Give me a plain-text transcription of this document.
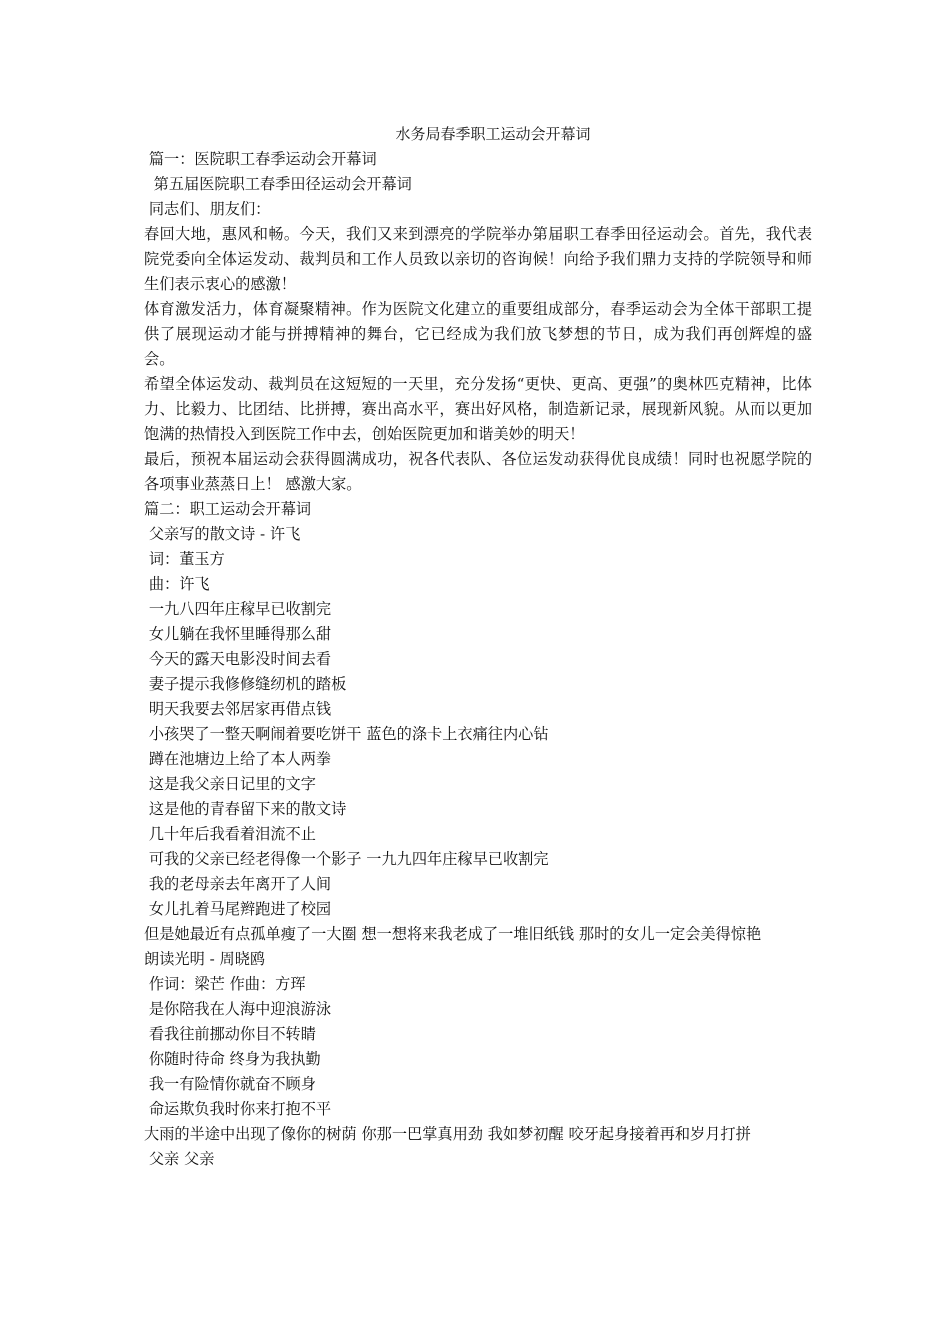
水务局春季职工运动会开幕词

篇一：医院职工春季运动会开幕词

第五届医院职工春季田径运动会开幕词

同志们、朋友们：

春回大地，惠风和畅。今天，我们又来到漂亮的学院举办第届职工春季田径运动会。首先，我代表院党委向全体运发动、裁判员和工作人员致以亲切的咨询候！向给予我们鼎力支持的学院领导和师生们表示衷心的感激！

体育激发活力，体育凝聚精神。作为医院文化建立的重要组成部分，春季运动会为全体干部职工提供了展现运动才能与拼搏精神的舞台，它已经成为我们放飞梦想的节日，成为我们再创辉煌的盛会。

希望全体运发动、裁判员在这短短的一天里，充分发扬“更快、更高、更强”的奥林匹克精神，比体力、比毅力、比团结、比拼搏，赛出高水平，赛出好风格，制造新记录，展现新风貌。从而以更加饱满的热情投入到医院工作中去，创始医院更加和谐美妙的明天！

最后，预祝本届运动会获得圆满成功，祝各代表队、各位运发动获得优良成绩！同时也祝愿学院的各项事业蒸蒸日上！ 感激大家。

篇二：职工运动会开幕词

父亲写的散文诗 - 许飞

词：董玉方

曲：许飞

一九八四年庄稼早已收割完

女儿躺在我怀里睡得那么甜

今天的露天电影没时间去看

妻子提示我修修缝纫机的踏板

明天我要去邻居家再借点钱

小孩哭了一整天啊闹着要吃饼干 蓝色的涤卡上衣痛往内心钻

蹲在池塘边上给了本人两拳

这是我父亲日记里的文字

这是他的青春留下来的散文诗

几十年后我看着泪流不止

可我的父亲已经老得像一个影子 一九九四年庄稼早已收割完

我的老母亲去年离开了人间

女儿扎着马尾辫跑进了校园

但是她最近有点孤单瘦了一大圈 想一想将来我老成了一堆旧纸钱 那时的女儿一定会美得惊艳

朗读光明 - 周晓鸥

作词：梁芒 作曲：方珲

是你陪我在人海中迎浪游泳

看我往前挪动你目不转睛

你随时待命 终身为我执勤

我一有险情你就奋不顾身

命运欺负我时你来打抱不平

大雨的半途中出现了像你的树荫 你那一巴掌真用劲 我如梦初醒 咬牙起身接着再和岁月打拼

父亲 父亲
